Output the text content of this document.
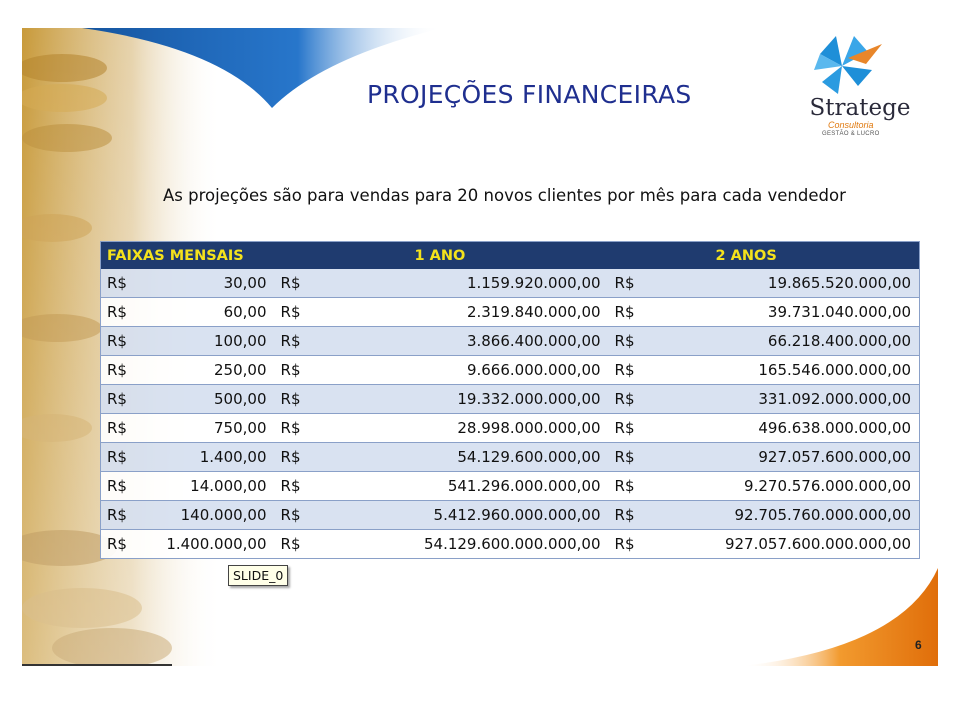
PROJEÇÕES FINANCEIRAS	Stratege
Consultoria
GESTÃO & LUCRO
As projeções são para vendas para 20 novos clientes por mês para cada vendedor
FAIXAS MENSAIS		1 ANO		2 ANOS	
R$	30,00	R$	1.159.920.000,00	R$	19.865.520.000,00
R$	60,00	R$	2.319.840.000,00	R$	39.731.040.000,00
R$	100,00	R$	3.866.400.000,00	R$	66.218.400.000,00
R$	250,00	R$	9.666.000.000,00	R$	165.546.000.000,00
R$	500,00	R$	19.332.000.000,00	R$	331.092.000.000,00
R$	750,00	R$	28.998.000.000,00	R$	496.638.000.000,00
R$	1.400,00	R$	54.129.600.000,00	R$	927.057.600.000,00
R$	14.000,00	R$	541.296.000.000,00	R$	9.270.576.000.000,00
R$	140.000,00	R$	5.412.960.000.000,00	R$	92.705.760.000.000,00
R$	1.400.000,00	R$	54.129.600.000.000,00	R$	927.057.600.000.000,00
SLIDE_0
6
